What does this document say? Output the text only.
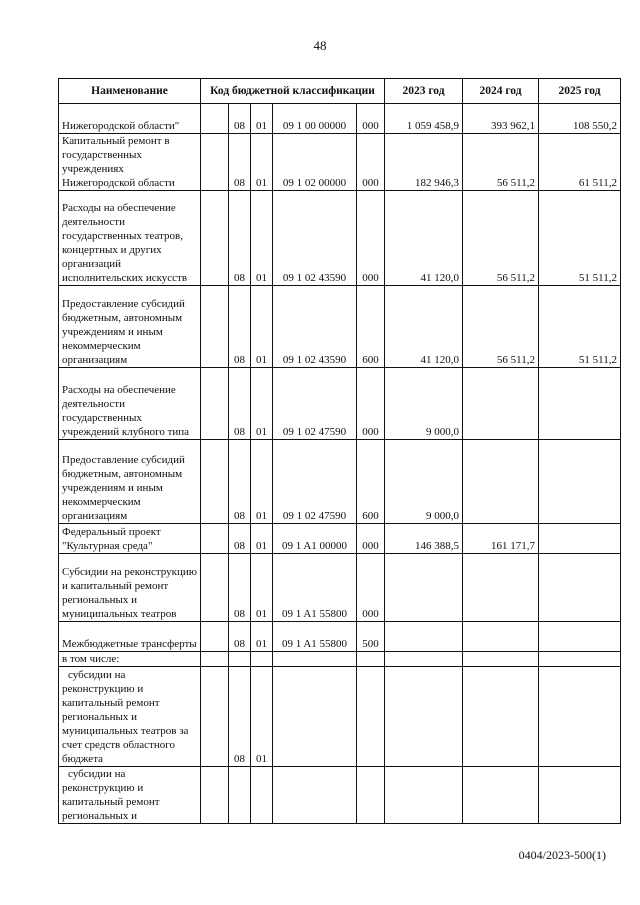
48
Наименование	Код бюджетной классификации					2023 год	2024 год	2025 год
Нижегородской области"		08	01	09 1 00 00000	000	1 059 458,9	393 962,1	108 550,2
Капитальный ремонт в государственных учреждениях Нижегородской области		08	01	09 1 02 00000	000	182 946,3	56 511,2	61 511,2
Расходы на обеспечение деятельности государственных театров, концертных и других организаций исполнительских искусств		08	01	09 1 02 43590	000	41 120,0	56 511,2	51 511,2
Предоставление субсидий бюджетным, автономным учреждениям и иным некоммерческим организациям		08	01	09 1 02 43590	600	41 120,0	56 511,2	51 511,2
Расходы на обеспечение деятельности государственных учреждений клубного типа		08	01	09 1 02 47590	000	9 000,0		
Предоставление субсидий бюджетным, автономным учреждениям и иным некоммерческим организациям		08	01	09 1 02 47590	600	9 000,0		
Федеральный проект "Культурная среда"		08	01	09 1 A1 00000	000	146 388,5	161 171,7	
Субсидии на реконструкцию и капитальный ремонт региональных и муниципальных театров		08	01	09 1 A1 55800	000			
Межбюджетные трансферты		08	01	09 1 A1 55800	500			
в том числе:								
субсидии на реконструкцию и капитальный ремонт региональных и муниципальных театров за счет средств областного бюджета		08	01					
субсидии на реконструкцию и капитальный ремонт региональных и								
0404/2023-500(1)
